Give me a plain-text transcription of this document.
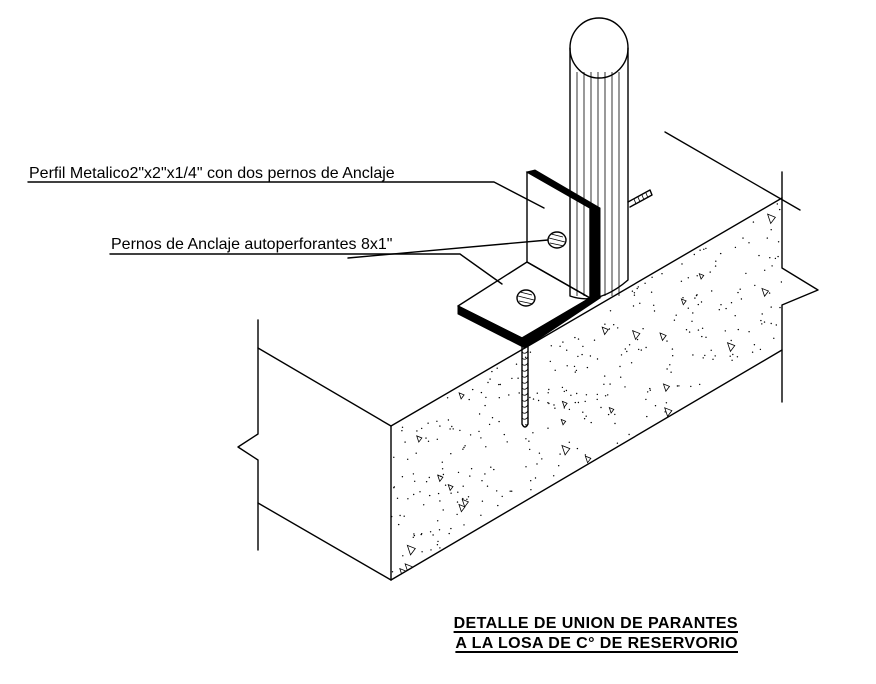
Perfil Metalico2"x2"x1/4" con dos pernos de Anclaje
Pernos de Anclaje autoperforantes 8x1"
DETALLE DE UNION DE PARANTES
A LA LOSA DE C° DE RESERVORIO
